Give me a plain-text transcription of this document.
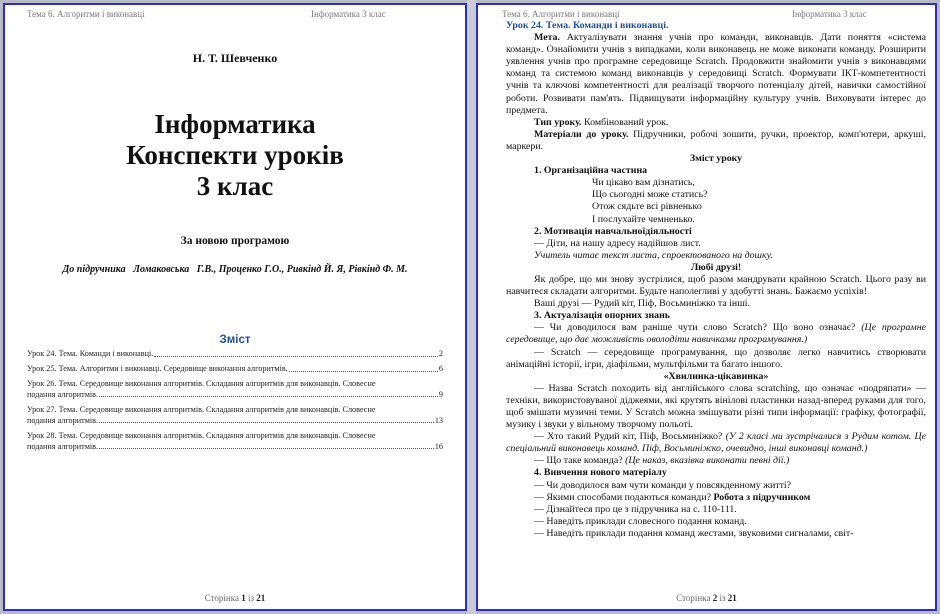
Тема 6. Алгоритми і виконавці	Інформатика 3 клас
Н. Т. Шевченко
Інформатика
Конспекти уроків
3 клас
За новою програмою
До підручника   Ломаковська   Г.В., Проценко Г.О., Ривкінд Й. Я, Рівкінд Ф. М.
Зміст
Урок 24. Тема. Команди і виконавці.	2
Урок 25. Тема. Алгоритми і виконавці. Середовище виконання алгоритмів.	6
Урок 26. Тема. Середовище виконання алгоритмів. Складання алгоритмів для виконавців. Словесне
подання алгоритмів.	9
Урок 27. Тема. Середовище виконання алгоритмів. Складання алгоритмів для виконавців. Словесне
подання алгоритмів.	13
Урок 28. Тема. Середовище виконання алгоритмів. Складання алгоритмів для виконавців. Словесне
подання алгоритмів.	16
Сторінка 1 із 21
Тема 6. Алгоритми і виконавці	Інформатика 3 клас

Урок 24. Тема. Команди і виконавці.

Мета. Актуалізувати знання учнів про команди, виконавців. Дати поняття «система команд». Ознайомити учнів з випадками, коли виконавець не може виконати команду. Розширити уявлення учнів про програмне середовище Scratch. Продовжити знайомити учнів з виконавцями команд та системою команд виконавців у середовищі Scratch. Формувати ІКТ-компетентності учнів та ключові компетентності для реалізації творчого потенціалу дітей, навички самостійної роботи. Розвивати пам'ять. Підвищувати інформаційну культуру учнів. Виховувати інтерес до предмета.

Тип уроку. Комбінований урок.

Матеріали до уроку. Підручники, робочі зошити, ручки, проектор, комп'ютери, аркуші, маркери.

Зміст уроку

1. Організаційна частина

Чи цікаво вам дізнатись,

Що сьогодні може статись?

Отож сядьте всі рівненько

І послухайте чемненько.

2. Мотивація навчальноїдіяльності

— Діти, на нашу адресу надійшов лист.

Учитель читає текст листа, спроектованого на дошку.

Любі друзі!

Як добре, що ми знову зустрілися, щоб разом мандрувати крайною Scratch. Цього разу ви навчитеся складати алгоритми. Будьте наполегливі у здобутті знань. Бажаємо успіхів!

Ваші друзі — Рудий кіт, Піф, Восьминіжко та інші.

3. Актуалізація опорних знань

— Чи доводилося вам раніше чути слово Scratch? Що воно означає? (Це програмне середовище, що дає можливість оволодіти навичками програмування.)

— Scratch — середовище програмування, що дозволяє легко навчитись створювати анімаційні історії, ігри, діафільми, мультфільми та багато іншого.

«Хвилинка-цікавинка»

— Назва Scratch походить від англійського слова scratching, що означає «подряпати» — техніки, використовуваної діджеями, які крутять вінілові пластинки назад-вперед руками для того, щоб змішати музичні теми. У Scratch можна змішувати різні типи інформації: графіку, фотографії, музику і звуки у вільному творчому польоті.

— Хто такий Рудий кіт, Піф, Восьминіжко? (У 2 класі ми зустрічалися з Рудим котом. Це спеціальний виконавець команд. Піф, Восьминіжко, очевидно, інші виконавці команд.)

— Що таке команда? (Це наказ, вказівка виконати певні дії.)

4. Вивчення нового матеріалу

— Чи доводилося вам чути команди у повсякденному житті?

— Якими способами подаються команди? Робота з підручником

— Дізнайтеся про це з підручника на с. 110-111.

— Наведіть приклади словесного подання команд.

— Наведіть приклади подання команд жестами, звуковими сигналами, світ-

Сторінка 2 із 21
